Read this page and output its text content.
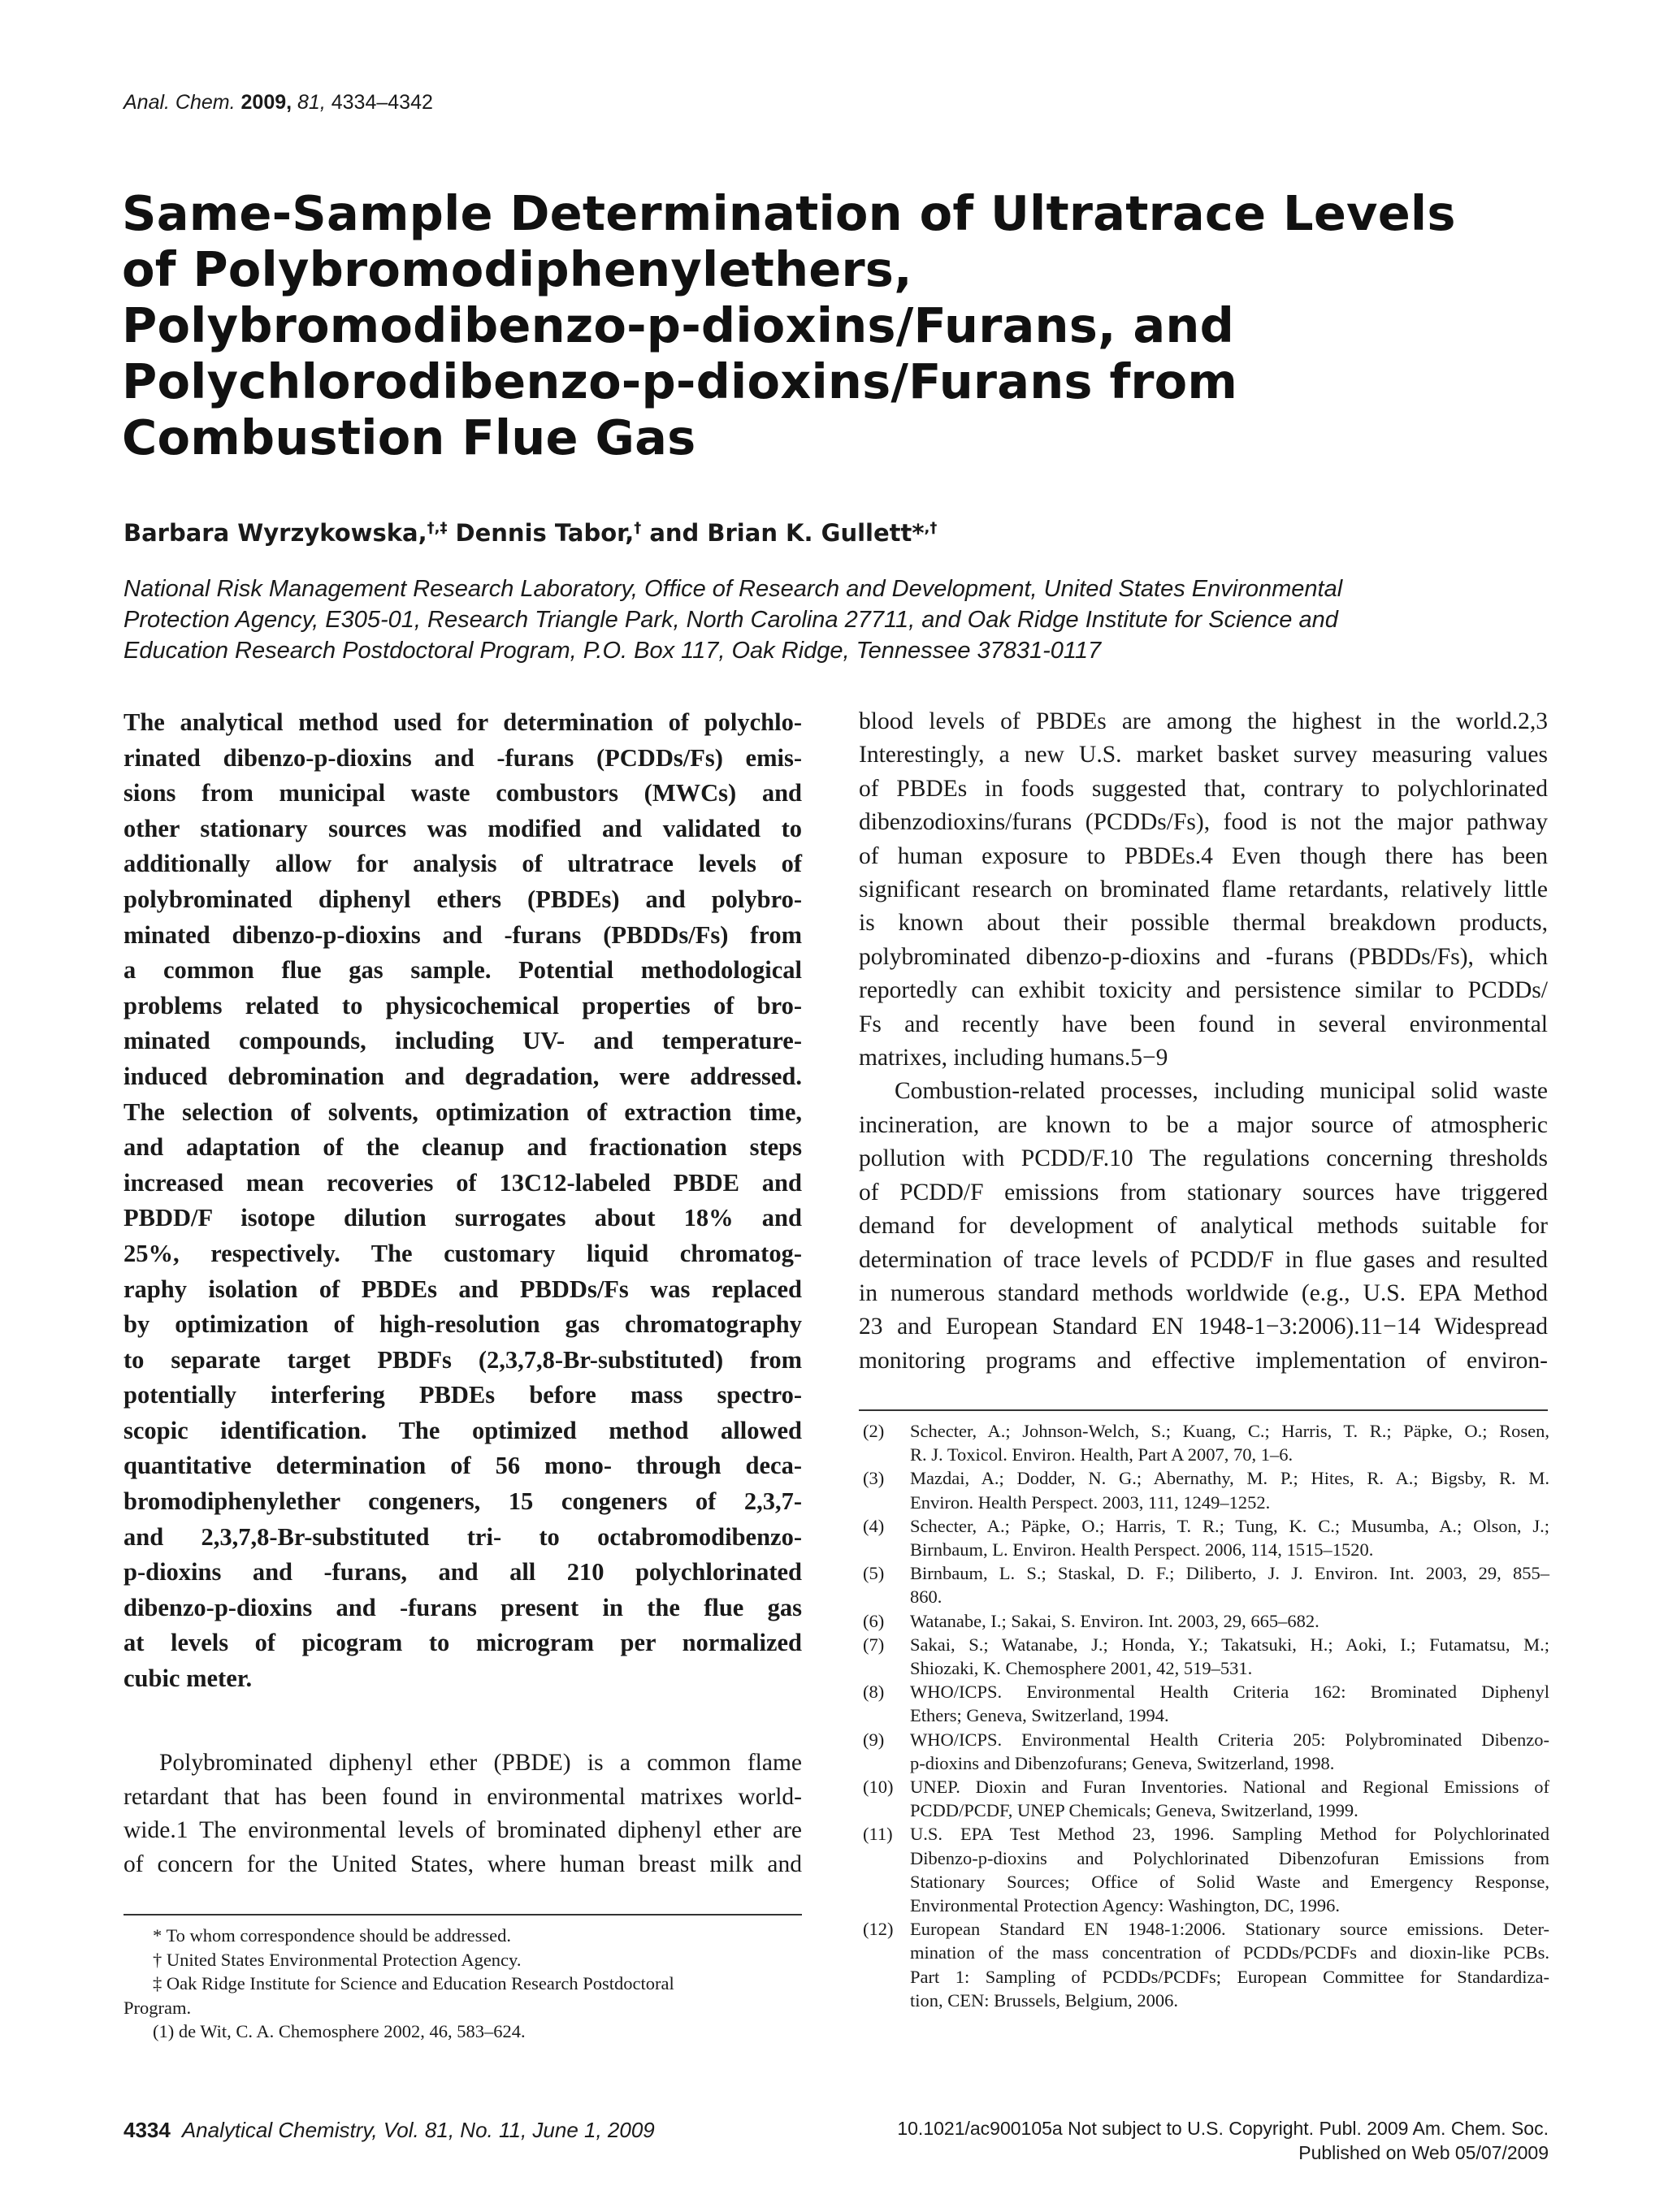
Anal. Chem. 2009, 81, 4334–4342
Same-Sample Determination of Ultratrace Levels
of Polybromodiphenylethers,
Polybromodibenzo-p-dioxins/Furans, and
Polychlorodibenzo-p-dioxins/Furans from
Combustion Flue Gas
Barbara Wyrzykowska,†,‡ Dennis Tabor,† and Brian K. Gullett*,†
National Risk Management Research Laboratory, Office of Research and Development, United States Environmental
Protection Agency, E305-01, Research Triangle Park, North Carolina 27711, and Oak Ridge Institute for Science and
Education Research Postdoctoral Program, P.O. Box 117, Oak Ridge, Tennessee 37831-0117
The analytical method used for determination of polychlo-
rinated dibenzo-p-dioxins and -furans (PCDDs/Fs) emis-
sions from municipal waste combustors (MWCs) and
other stationary sources was modified and validated to
additionally allow for analysis of ultratrace levels of
polybrominated diphenyl ethers (PBDEs) and polybro-
minated dibenzo-p-dioxins and -furans (PBDDs/Fs) from
a common flue gas sample. Potential methodological
problems related to physicochemical properties of bro-
minated compounds, including UV- and temperature-
induced debromination and degradation, were addressed.
The selection of solvents, optimization of extraction time,
and adaptation of the cleanup and fractionation steps
increased mean recoveries of 13C12-labeled PBDE and
PBDD/F isotope dilution surrogates about 18% and
25%, respectively. The customary liquid chromatog-
raphy isolation of PBDEs and PBDDs/Fs was replaced
by optimization of high-resolution gas chromatography
to separate target PBDFs (2,3,7,8-Br-substituted) from
potentially interfering PBDEs before mass spectro-
scopic identification. The optimized method allowed
quantitative determination of 56 mono- through deca-
bromodiphenylether congeners, 15 congeners of 2,3,7-
and 2,3,7,8-Br-substituted tri- to octabromodibenzo-
p-dioxins and -furans, and all 210 polychlorinated
dibenzo-p-dioxins and -furans present in the flue gas
at levels of picogram to microgram per normalized
cubic meter.
Polybrominated diphenyl ether (PBDE) is a common flame
retardant that has been found in environmental matrixes world-
wide.1 The environmental levels of brominated diphenyl ether are
of concern for the United States, where human breast milk and
* To whom correspondence should be addressed.
† United States Environmental Protection Agency.
‡ Oak Ridge Institute for Science and Education Research Postdoctoral
Program.
(1) de Wit, C. A. Chemosphere 2002, 46, 583–624.
blood levels of PBDEs are among the highest in the world.2,3
Interestingly, a new U.S. market basket survey measuring values
of PBDEs in foods suggested that, contrary to polychlorinated
dibenzodioxins/furans (PCDDs/Fs), food is not the major pathway
of human exposure to PBDEs.4 Even though there has been
significant research on brominated flame retardants, relatively little
is known about their possible thermal breakdown products,
polybrominated dibenzo-p-dioxins and -furans (PBDDs/Fs), which
reportedly can exhibit toxicity and persistence similar to PCDDs/
Fs and recently have been found in several environmental
matrixes, including humans.5−9
Combustion-related processes, including municipal solid waste
incineration, are known to be a major source of atmospheric
pollution with PCDD/F.10 The regulations concerning thresholds
of PCDD/F emissions from stationary sources have triggered
demand for development of analytical methods suitable for
determination of trace levels of PCDD/F in flue gases and resulted
in numerous standard methods worldwide (e.g., U.S. EPA Method
23 and European Standard EN 1948-1−3:2006).11−14 Widespread
monitoring programs and effective implementation of environ-
(2)	Schecter, A.; Johnson-Welch, S.; Kuang, C.; Harris, T. R.; Päpke, O.; Rosen,
R. J. Toxicol. Environ. Health, Part A 2007, 70, 1–6.
(3)	Mazdai, A.; Dodder, N. G.; Abernathy, M. P.; Hites, R. A.; Bigsby, R. M.
Environ. Health Perspect. 2003, 111, 1249–1252.
(4)	Schecter, A.; Päpke, O.; Harris, T. R.; Tung, K. C.; Musumba, A.; Olson, J.;
Birnbaum, L. Environ. Health Perspect. 2006, 114, 1515–1520.
(5)	Birnbaum, L. S.; Staskal, D. F.; Diliberto, J. J. Environ. Int. 2003, 29, 855–
860.
(6)	Watanabe, I.; Sakai, S. Environ. Int. 2003, 29, 665–682.
(7)	Sakai, S.; Watanabe, J.; Honda, Y.; Takatsuki, H.; Aoki, I.; Futamatsu, M.;
Shiozaki, K. Chemosphere 2001, 42, 519–531.
(8)	WHO/ICPS. Environmental Health Criteria 162: Brominated Diphenyl
Ethers; Geneva, Switzerland, 1994.
(9)	WHO/ICPS. Environmental Health Criteria 205: Polybrominated Dibenzo-
p-dioxins and Dibenzofurans; Geneva, Switzerland, 1998.
(10) UNEP. Dioxin and Furan Inventories. National and Regional Emissions of
PCDD/PCDF, UNEP Chemicals; Geneva, Switzerland, 1999.
(11) U.S. EPA Test Method 23, 1996. Sampling Method for Polychlorinated
Dibenzo-p-dioxins and Polychlorinated Dibenzofuran Emissions from
Stationary Sources; Office of Solid Waste and Emergency Response,
Environmental Protection Agency: Washington, DC, 1996.
(12) European Standard EN 1948-1:2006. Stationary source emissions. Deter-
mination of the mass concentration of PCDDs/PCDFs and dioxin-like PCBs.
Part 1: Sampling of PCDDs/PCDFs; European Committee for Standardiza-
tion, CEN: Brussels, Belgium, 2006.
4334 Analytical Chemistry, Vol. 81, No. 11, June 1, 2009	10.1021/ac900105a Not subject to U.S. Copyright. Publ. 2009 Am. Chem. Soc.
Published on Web 05/07/2009
